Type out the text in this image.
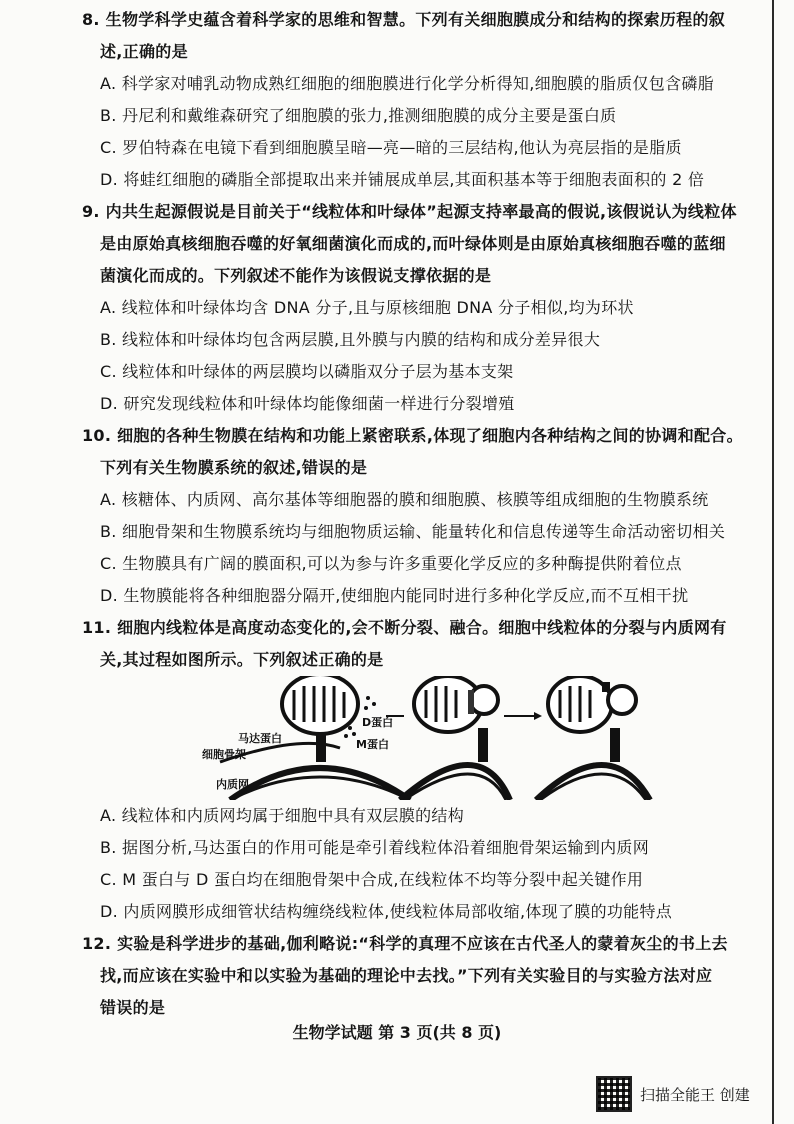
8. 生物学科学史蕴含着科学家的思维和智慧。下列有关细胞膜成分和结构的探索历程的叙
述,正确的是
A. 科学家对哺乳动物成熟红细胞的细胞膜进行化学分析得知,细胞膜的脂质仅包含磷脂
B. 丹尼利和戴维森研究了细胞膜的张力,推测细胞膜的成分主要是蛋白质
C. 罗伯特森在电镜下看到细胞膜呈暗—亮—暗的三层结构,他认为亮层指的是脂质
D. 将蛙红细胞的磷脂全部提取出来并铺展成单层,其面积基本等于细胞表面积的 2 倍
9. 内共生起源假说是目前关于“线粒体和叶绿体”起源支持率最高的假说,该假说认为线粒体
是由原始真核细胞吞噬的好氧细菌演化而成的,而叶绿体则是由原始真核细胞吞噬的蓝细
菌演化而成的。下列叙述不能作为该假说支撑依据的是
A. 线粒体和叶绿体均含 DNA 分子,且与原核细胞 DNA 分子相似,均为环状
B. 线粒体和叶绿体均包含两层膜,且外膜与内膜的结构和成分差异很大
C. 线粒体和叶绿体的两层膜均以磷脂双分子层为基本支架
D. 研究发现线粒体和叶绿体均能像细菌一样进行分裂增殖
10. 细胞的各种生物膜在结构和功能上紧密联系,体现了细胞内各种结构之间的协调和配合。
下列有关生物膜系统的叙述,错误的是
A. 核糖体、内质网、高尔基体等细胞器的膜和细胞膜、核膜等组成细胞的生物膜系统
B. 细胞骨架和生物膜系统均与细胞物质运输、能量转化和信息传递等生命活动密切相关
C. 生物膜具有广阔的膜面积,可以为参与许多重要化学反应的多种酶提供附着位点
D. 生物膜能将各种细胞器分隔开,使细胞内能同时进行多种化学反应,而不互相干扰
11. 细胞内线粒体是高度动态变化的,会不断分裂、融合。细胞中线粒体的分裂与内质网有
关,其过程如图所示。下列叙述正确的是
D蛋白
M蛋白
马达蛋白
细胞骨架
内质网
A. 线粒体和内质网均属于细胞中具有双层膜的结构
B. 据图分析,马达蛋白的作用可能是牵引着线粒体沿着细胞骨架运输到内质网
C. M 蛋白与 D 蛋白均在细胞骨架中合成,在线粒体不均等分裂中起关键作用
D. 内质网膜形成细管状结构缠绕线粒体,使线粒体局部收缩,体现了膜的功能特点
12. 实验是科学进步的基础,伽利略说:“科学的真理不应该在古代圣人的蒙着灰尘的书上去
找,而应该在实验中和以实验为基础的理论中去找。”下列有关实验目的与实验方法对应
错误的是
生物学试题 第 3 页(共 8 页)
扫描全能王 创建
